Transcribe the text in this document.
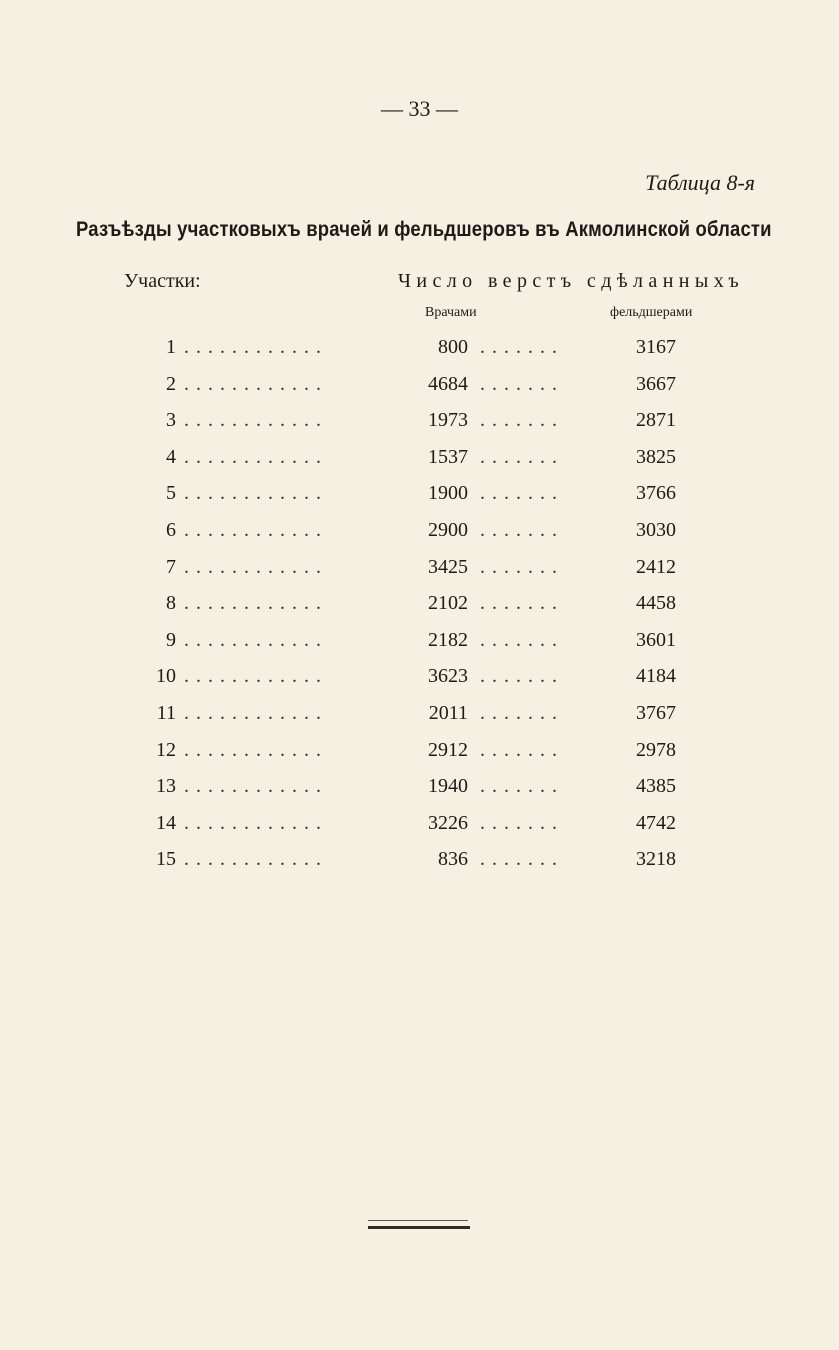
— 33 —
Таблица 8-я
Разъѣзды участковыхъ врачей и фельдшеровъ въ Акмолинской области
Участки:	Число верстъ сдѣланныхъ
Врачами	фельдшерами
1 . . . . . . . . . . . .	800 . . . . . . .	3167
2 . . . . . . . . . . . .	4684 . . . . . . .	3667
3 . . . . . . . . . . . .	1973 . . . . . . .	2871
4 . . . . . . . . . . . .	1537 . . . . . . .	3825
5 . . . . . . . . . . . .	1900 . . . . . . .	3766
6 . . . . . . . . . . . .	2900 . . . . . . .	3030
7 . . . . . . . . . . . .	3425 . . . . . . .	2412
8 . . . . . . . . . . . .	2102 . . . . . . .	4458
9 . . . . . . . . . . . .	2182 . . . . . . .	3601
10 . . . . . . . . . . . .	3623 . . . . . . .	4184
11 . . . . . . . . . . . .	2011 . . . . . . .	3767
12 . . . . . . . . . . . .	2912 . . . . . . .	2978
13 . . . . . . . . . . . .	1940 . . . . . . .	4385
14 . . . . . . . . . . . .	3226 . . . . . . .	4742
15 . . . . . . . . . . . .	836 . . . . . . .	3218
